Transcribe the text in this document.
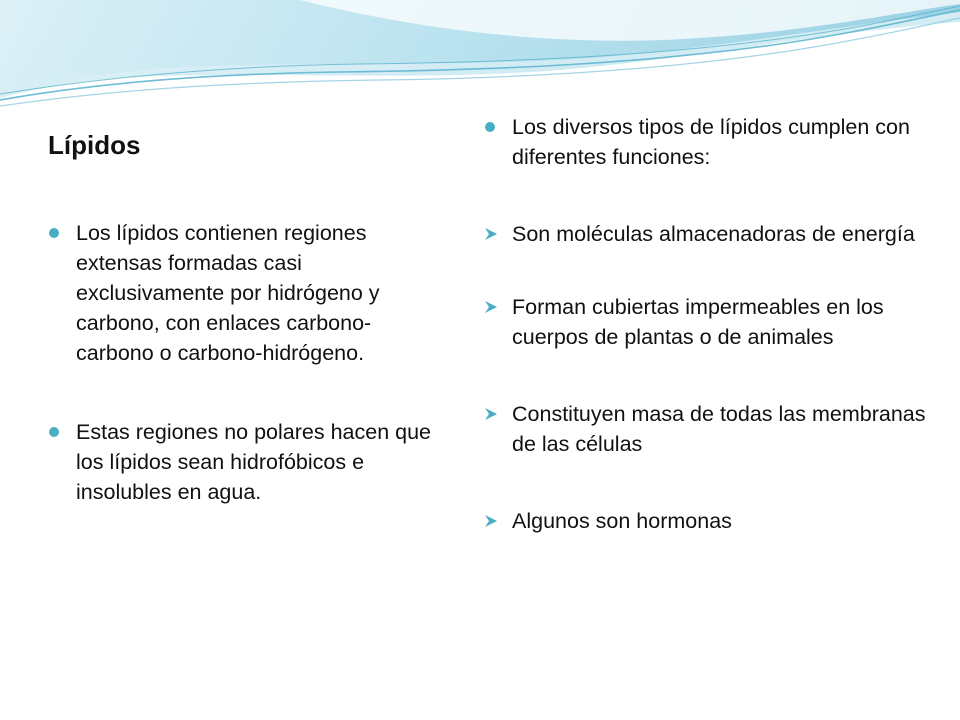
Lípidos
Los lípidos contienen regiones extensas formadas casi exclusivamente por hidrógeno y carbono, con enlaces carbono-carbono o carbono-hidrógeno.
Estas regiones no polares hacen que los lípidos sean hidrofóbicos e insolubles en agua.
Los diversos tipos de lípidos cumplen con diferentes funciones:
Son moléculas almacenadoras de energía
Forman cubiertas impermeables en los cuerpos de plantas o de animales
Constituyen masa de todas las membranas de las células
Algunos son hormonas
